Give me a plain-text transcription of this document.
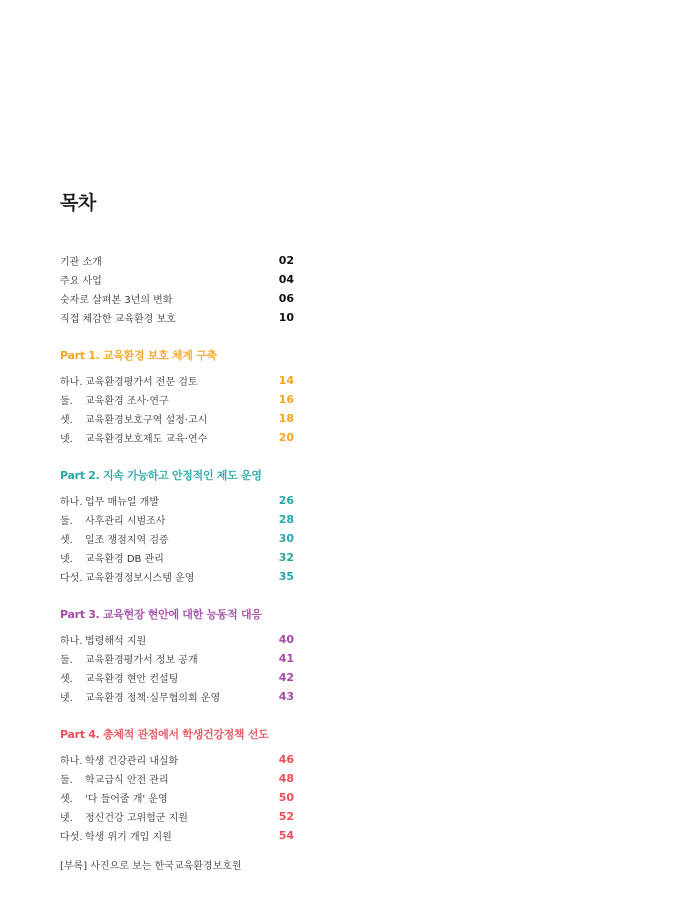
목차
기관 소개	02
주요 사업	04
숫자로 살펴본 3년의 변화	06
직접 체감한 교육환경 보호	10
Part 1. 교육환경 보호 체계 구축
하나. 교육환경평가서 전문 검토	14
둘.	교육환경 조사·연구	16
셋.	교육환경보호구역 설정·고시	18
넷.	교육환경보호제도 교육·연수	20
Part 2. 지속 가능하고 안정적인 제도 운영
하나. 업무 매뉴얼 개발	26
둘.	사후관리 시범조사	28
셋.	일조 쟁점지역 검증	30
넷.	교육환경 DB 관리	32
다섯. 교육환경정보시스템 운영	35
Part 3. 교육현장 현안에 대한 능동적 대응
하나. 법령해석 지원	40
둘.	교육환경평가서 정보 공개	41
셋.	교육환경 현안 컨설팅	42
넷.	교육환경 정책·실무협의회 운영	43
Part 4. 총체적 관점에서 학생건강정책 선도
하나. 학생 건강관리 내실화	46
둘.	학교급식 안전 관리	48
셋.	'다 들어줄 개' 운영	50
넷.	정신건강 고위험군 지원	52
다섯. 학생 위기 개입 지원	54
[부록] 사진으로 보는 한국교육환경보호원
